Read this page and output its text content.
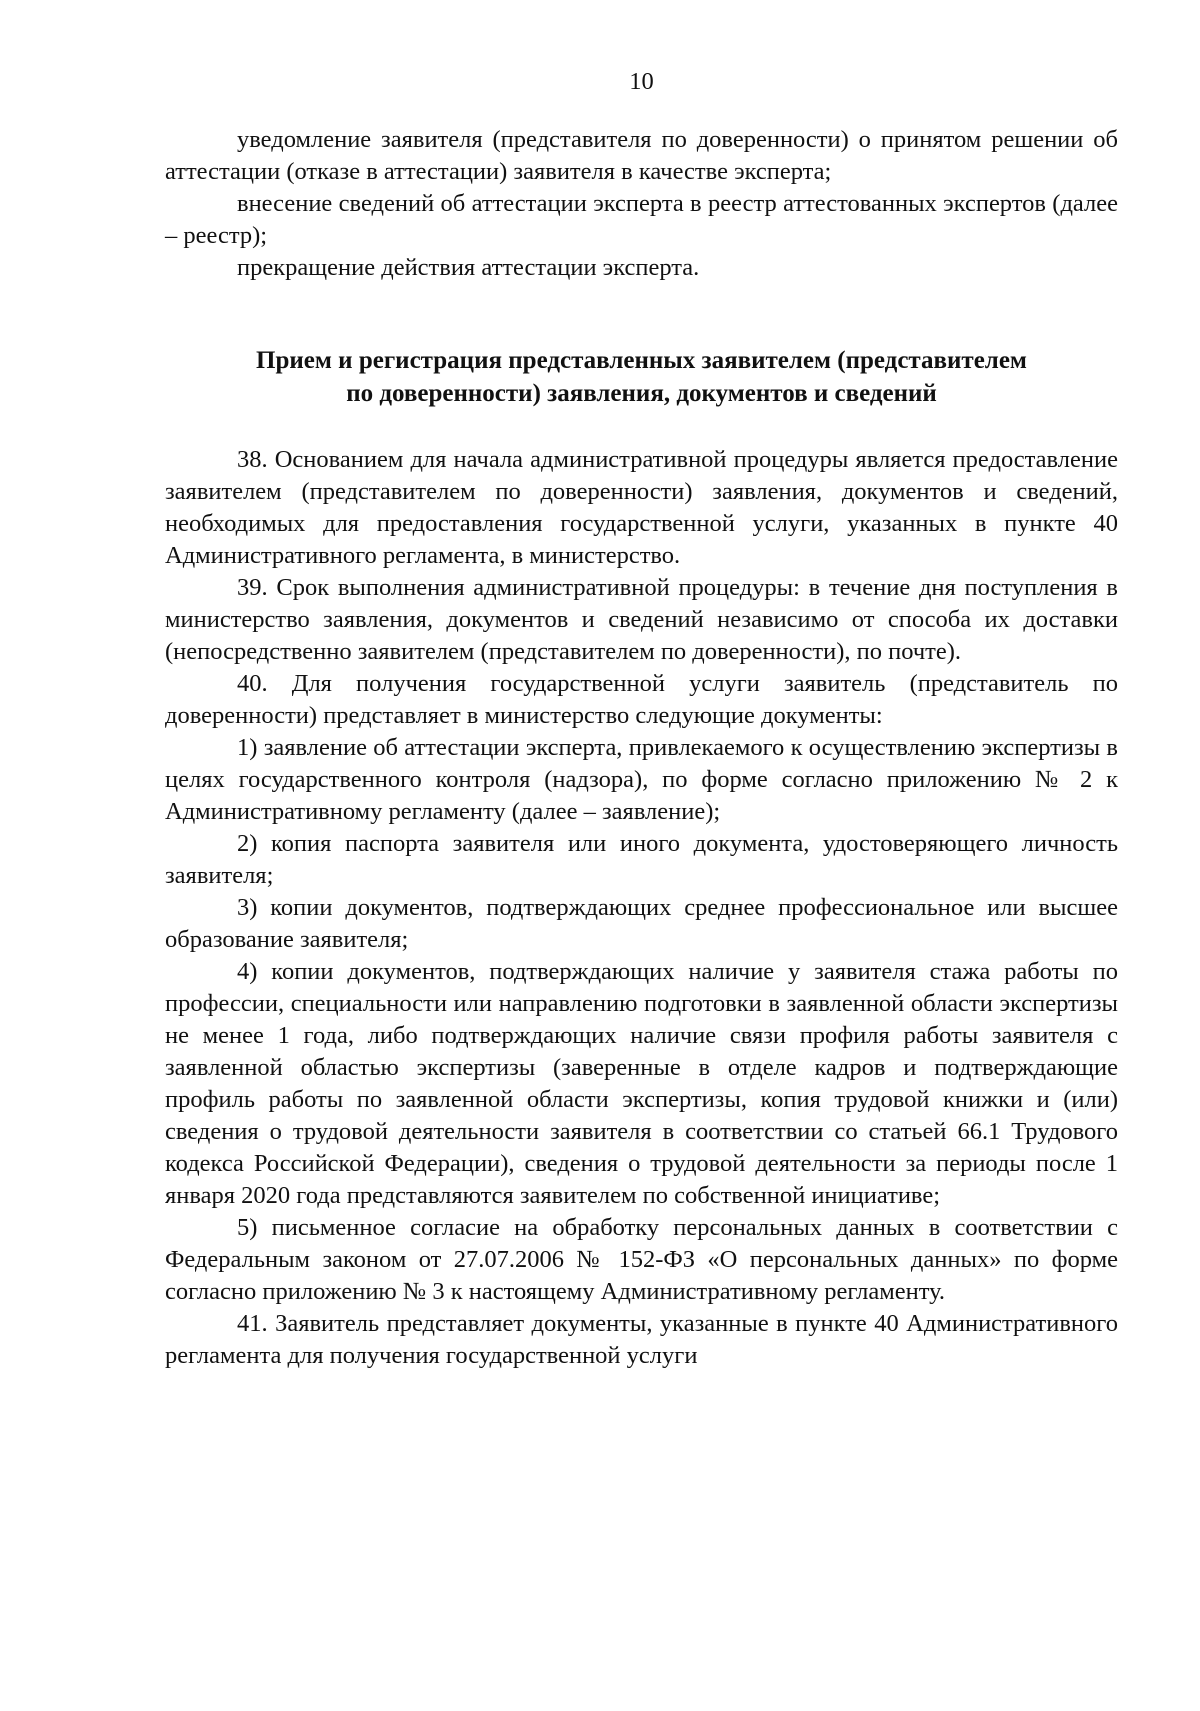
10

уведомление заявителя (представителя по доверенности) о принятом решении об аттестации (отказе в аттестации) заявителя в качестве эксперта;

внесение сведений об аттестации эксперта в реестр аттестованных экспертов (далее – реестр);

прекращение действия аттестации эксперта.

Прием и регистрация представленных заявителем (представителем
по доверенности) заявления, документов и сведений

38. Основанием для начала административной процедуры является предоставление заявителем (представителем по доверенности) заявления, документов и сведений, необходимых для предоставления государственной услуги, указанных в пункте 40 Административного регламента, в министерство.

39. Срок выполнения административной процедуры: в течение дня поступления в министерство заявления, документов и сведений независимо от способа их доставки (непосредственно заявителем (представителем по доверенности), по почте).

40. Для получения государственной услуги заявитель (представитель по доверенности) представляет в министерство следующие документы:

1) заявление об аттестации эксперта, привлекаемого к осуществлению экспертизы в целях государственного контроля (надзора), по форме согласно приложению № 2 к Административному регламенту (далее – заявление);

2) копия паспорта заявителя или иного документа, удостоверяющего личность заявителя;

3) копии документов, подтверждающих среднее профессиональное или высшее образование заявителя;

4) копии документов, подтверждающих наличие у заявителя стажа работы по профессии, специальности или направлению подготовки в заявленной области экспертизы не менее 1 года, либо подтверждающих наличие связи профиля работы заявителя с заявленной областью экспертизы (заверенные в отделе кадров и подтверждающие профиль работы по заявленной области экспертизы, копия трудовой книжки и (или) сведения о трудовой деятельности заявителя в соответствии со статьей 66.1 Трудового кодекса Российской Федерации), сведения о трудовой деятельности за периоды после 1 января 2020 года представляются заявителем по собственной инициативе;

5) письменное согласие на обработку персональных данных в соответствии с Федеральным законом от 27.07.2006 № 152-ФЗ «О персональных данных» по форме согласно приложению № 3 к настоящему Административному регламенту.

41. Заявитель представляет документы, указанные в пункте 40 Административного регламента для получения государственной услуги
